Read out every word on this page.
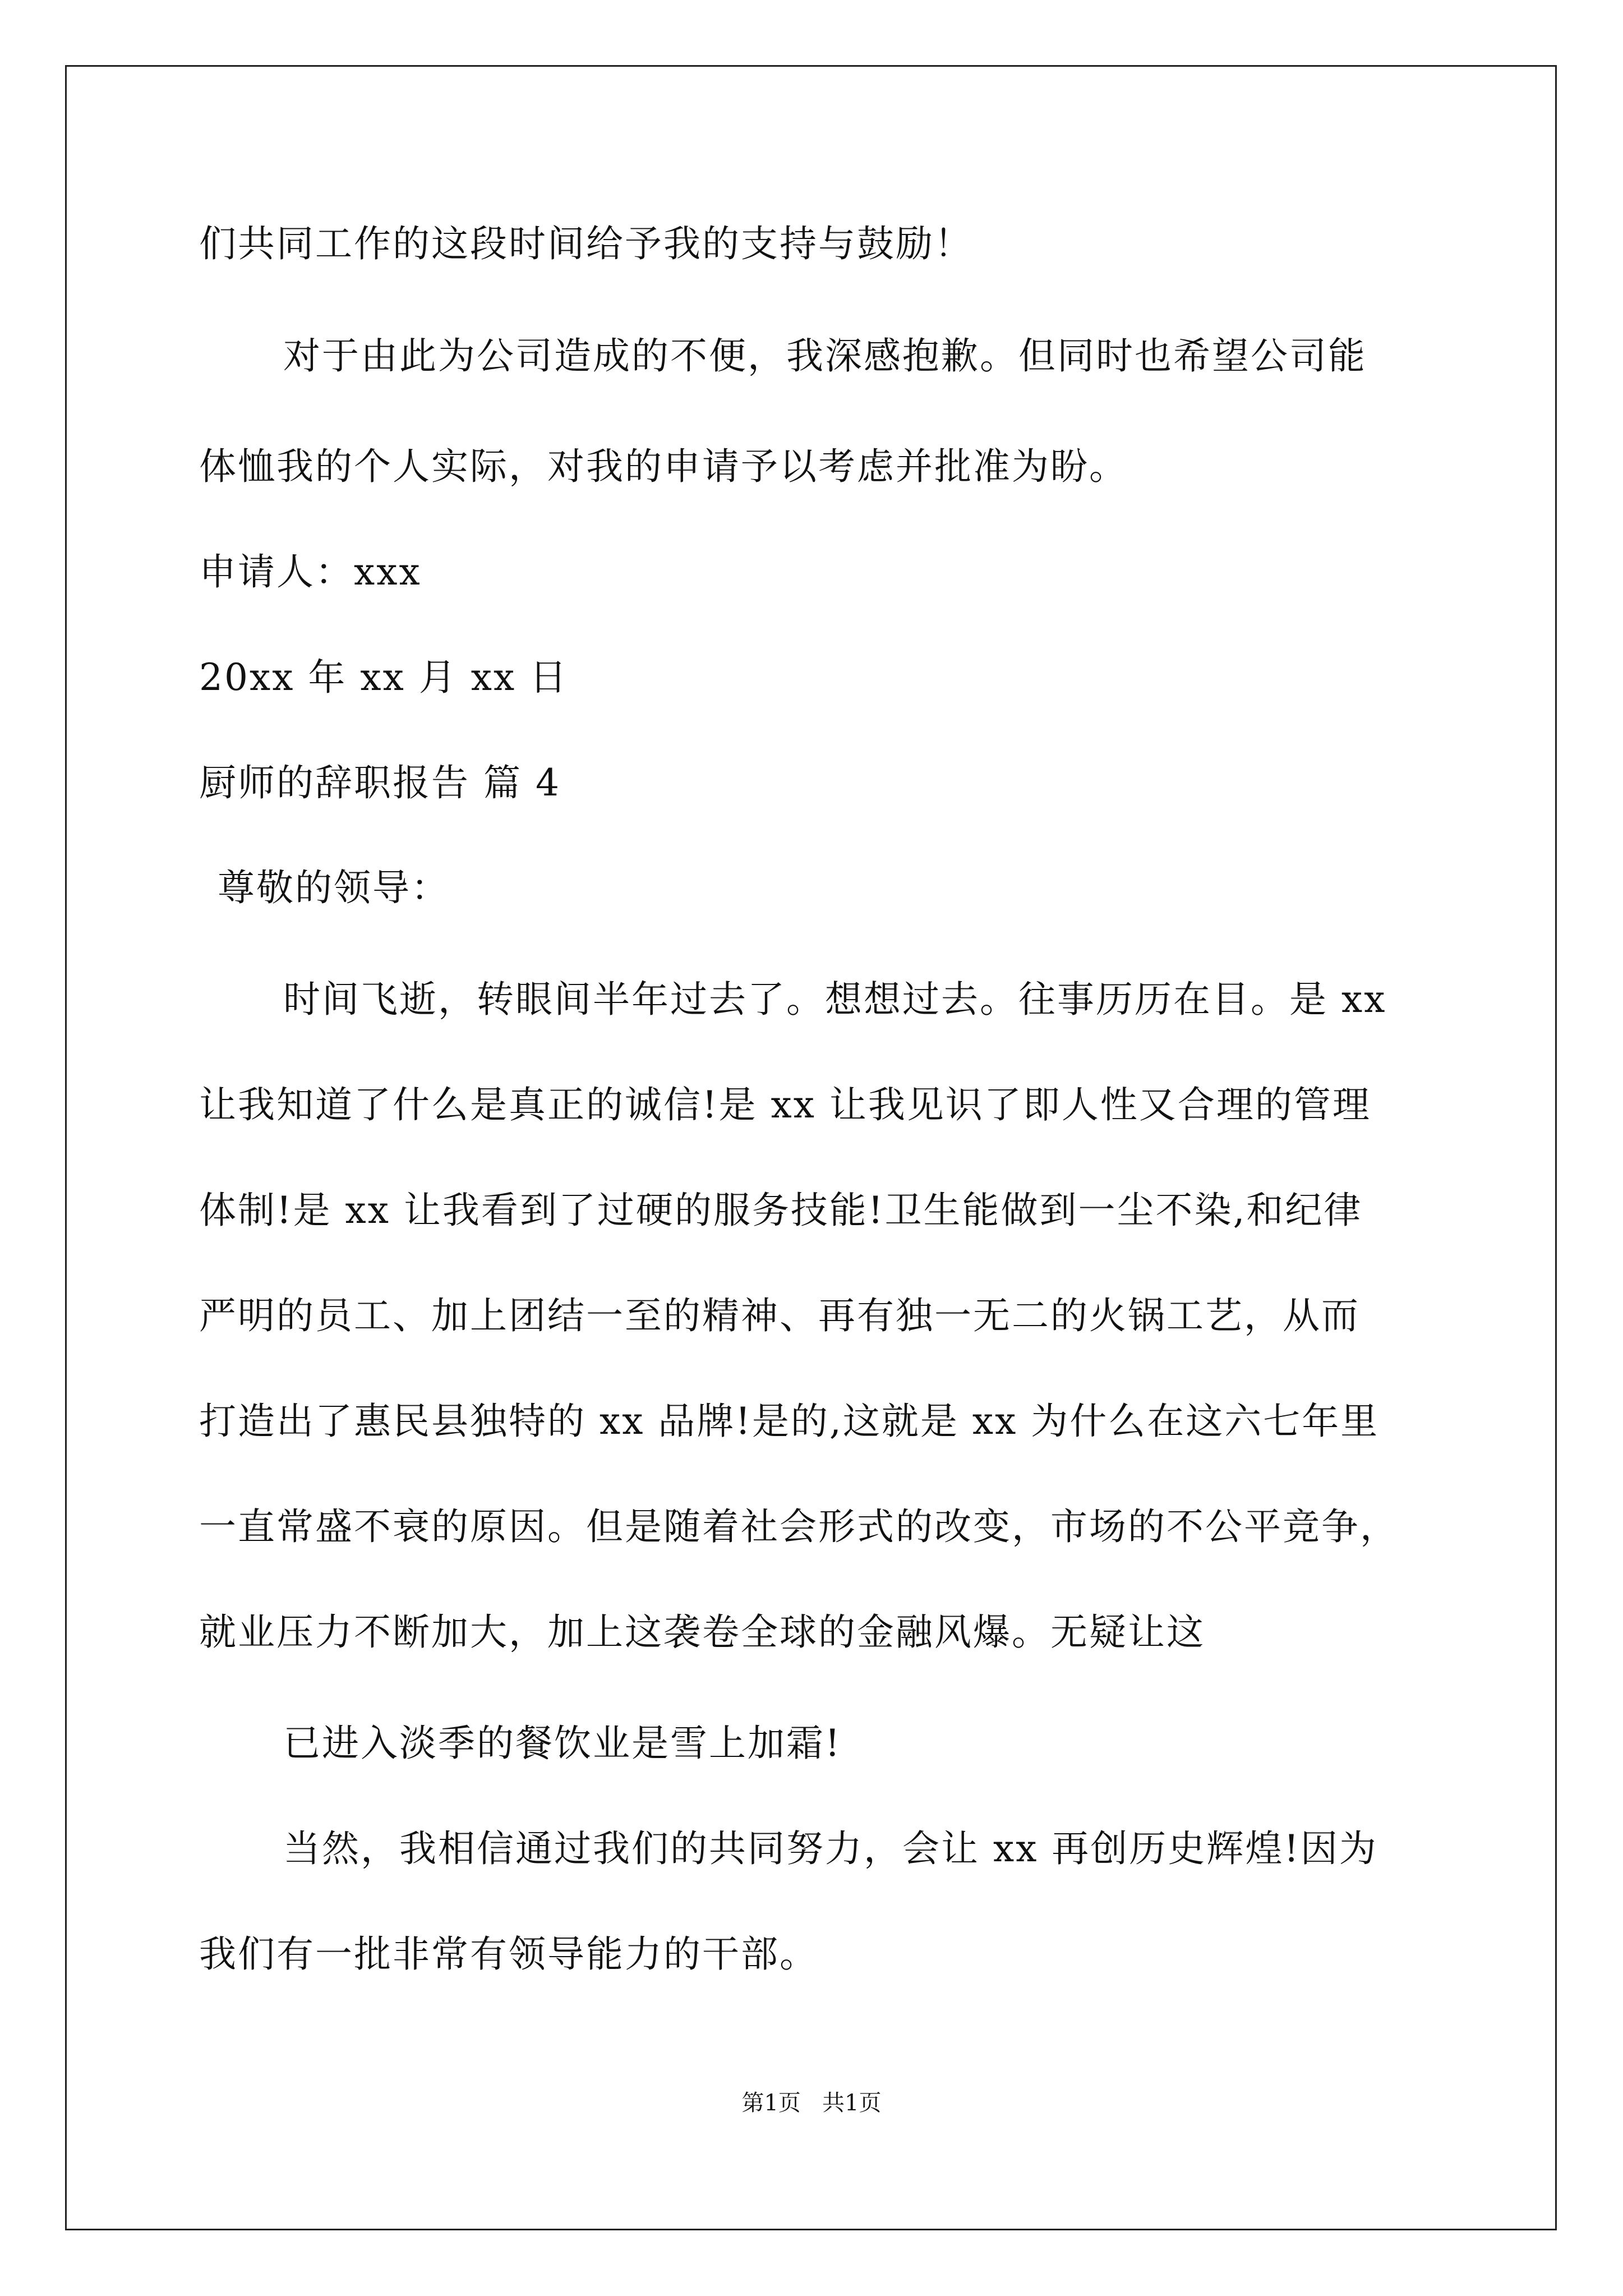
们共同工作的这段时间给予我的支持与鼓励！
对于由此为公司造成的不便，我深感抱歉。但同时也希望公司能
体恤我的个人实际，对我的申请予以考虑并批准为盼。
申请人：xxx
20xx 年 xx 月 xx 日
厨师的辞职报告 篇 4
尊敬的领导：
时间飞逝，转眼间半年过去了。想想过去。往事历历在目。是 xx
让我知道了什么是真正的诚信!是 xx 让我见识了即人性又合理的管理
体制!是 xx 让我看到了过硬的服务技能!卫生能做到一尘不染,和纪律
严明的员工、加上团结一至的精神、再有独一无二的火锅工艺，从而
打造出了惠民县独特的 xx 品牌!是的,这就是 xx 为什么在这六七年里
一直常盛不衰的原因。但是随着社会形式的改变，市场的不公平竞争，
就业压力不断加大，加上这袭卷全球的金融风爆。无疑让这
已进入淡季的餐饮业是雪上加霜!
当然，我相信通过我们的共同努力，会让 xx 再创历史辉煌!因为
我们有一批非常有领导能力的干部。
第1页   共1页
